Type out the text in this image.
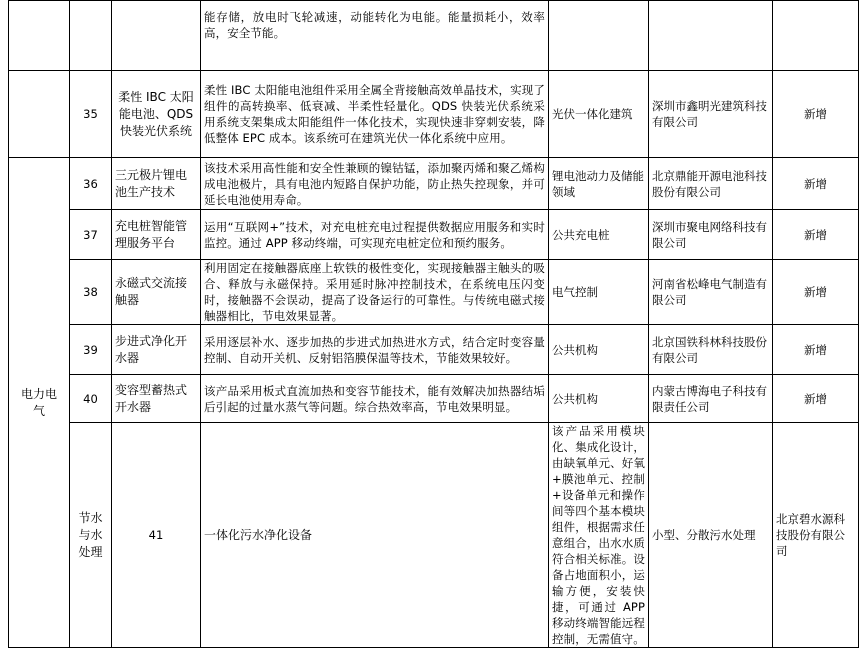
			能存储，放电时飞轮减速，动能转化为电能。能量损耗小，效率高，安全节能。				
	35	柔性 IBC 太阳能电池、QDS 快装光伏系统	柔性 IBC 太阳能电池组件采用全属全背接触高效单晶技术，实现了组件的高转换率、低衰减、半柔性轻量化。QDS 快装光伏系统采用系统支架集成太阳能组件一体化技术，实现快速非穿刺安装，降低整体 EPC 成本。该系统可在建筑光伏一体化系统中应用。	光伏一体化建筑	深圳市鑫明光建筑科技有限公司	新增	
电力电气	36	三元极片锂电池生产技术	该技术采用高性能和安全性兼顾的镍钴锰，添加聚丙烯和聚乙烯构成电池极片，具有电池内短路自保护功能，防止热失控现象，并可延长电池使用寿命。	锂电池动力及储能领域	北京鼎能开源电池科技股份有限公司	新增	
	37	充电桩智能管理服务平台	运用“互联网+”技术，对充电桩充电过程提供数据应用服务和实时监控。通过 APP 移动终端，可实现充电桩定位和预约服务。	公共充电桩	深圳市聚电网络科技有限公司	新增	
	38	永磁式交流接触器	利用固定在接触器底座上软铁的极性变化，实现接触器主触头的吸合、释放与永磁保持。采用延时脉冲控制技术，在系统电压闪变时，接触器不会误动，提高了设备运行的可靠性。与传统电磁式接触器相比，节电效果显著。	电气控制	河南省松峰电气制造有限公司	新增	
	39	步进式净化开水器	采用逐层补水、逐步加热的步进式加热进水方式，结合定时变容量控制、自动开关机、反射铝箔膜保温等技术，节能效果较好。	公共机构	北京国铁科林科技股份有限公司	新增	
	40	变容型蓄热式开水器	该产品采用板式直流加热和变容节能技术，能有效解决加热器结垢后引起的过量水蒸气等问题。综合热效率高，节电效果明显。	公共机构	内蒙古博海电子科技有限责任公司	新增	
	节水与水处理	41	一体化污水净化设备	该产品采用模块化、集成化设计，由缺氧单元、好氧+膜池单元、控制+设备单元和操作间等四个基本模块组件，根据需求任意组合，出水水质符合相关标准。设备占地面积小，运输方便，安装快捷，可通过 APP 移动终端智能远程控制，无需值守。	小型、分散污水处理	北京碧水源科技股份有限公司	
